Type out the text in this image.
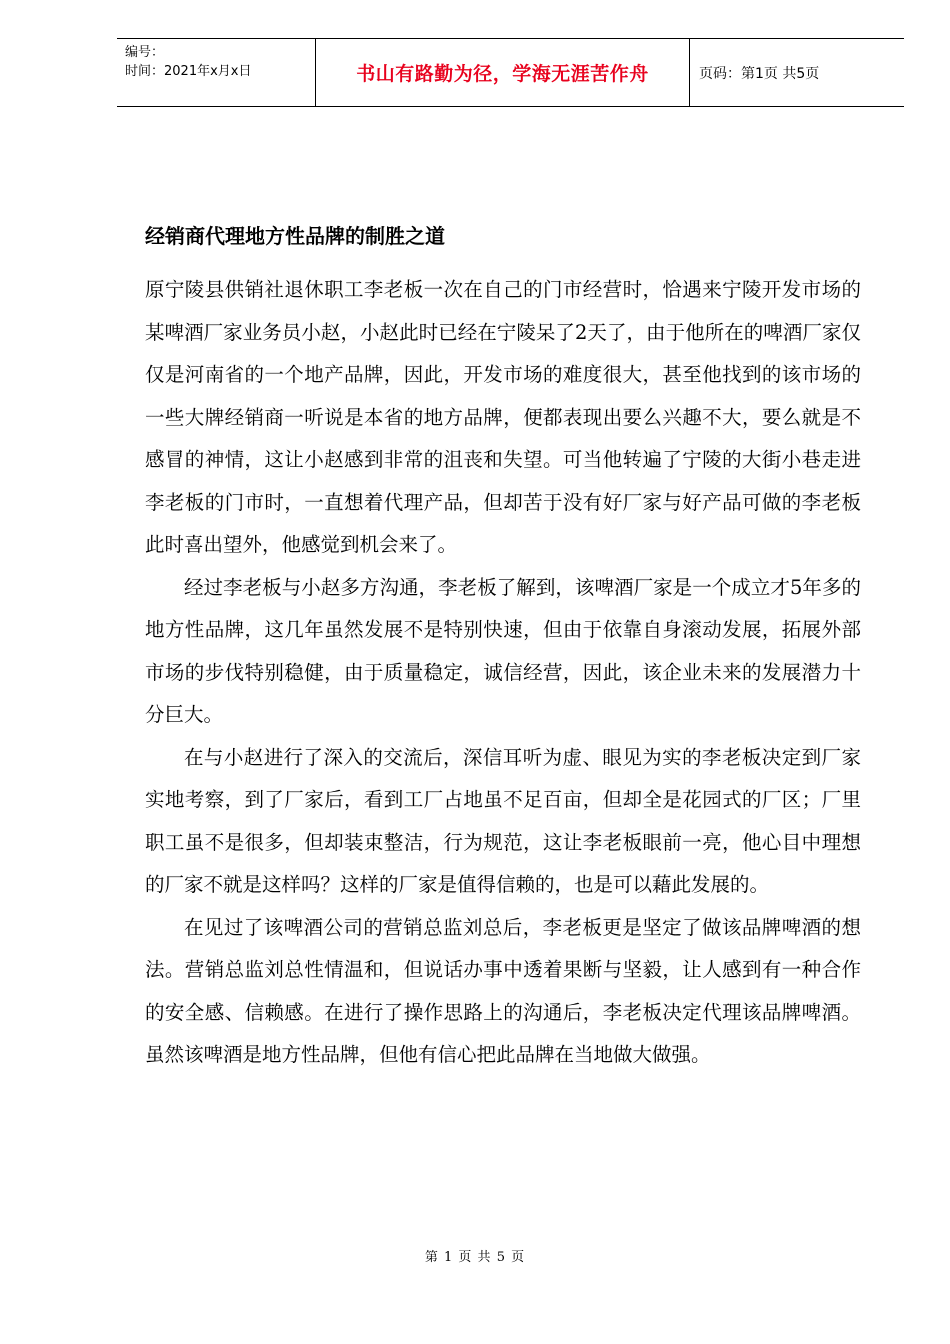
编号：
时间：2021年x月x日	书山有路勤为径，学海无涯苦作舟	页码：第1页 共5页
经销商代理地方性品牌的制胜之道

原宁陵县供销社退休职工李老板一次在自己的门市经营时，恰遇来宁陵开发市场的某啤酒厂家业务员小赵，小赵此时已经在宁陵呆了2天了，由于他所在的啤酒厂家仅仅是河南省的一个地产品牌，因此，开发市场的难度很大，甚至他找到的该市场的一些大牌经销商一听说是本省的地方品牌，便都表现出要么兴趣不大，要么就是不感冒的神情，这让小赵感到非常的沮丧和失望。可当他转遍了宁陵的大街小巷走进李老板的门市时，一直想着代理产品，但却苦于没有好厂家与好产品可做的李老板此时喜出望外，他感觉到机会来了。

经过李老板与小赵多方沟通，李老板了解到，该啤酒厂家是一个成立才5年多的地方性品牌，这几年虽然发展不是特别快速，但由于依靠自身滚动发展，拓展外部市场的步伐特别稳健，由于质量稳定，诚信经营，因此，该企业未来的发展潜力十分巨大。

在与小赵进行了深入的交流后，深信耳听为虚、眼见为实的李老板决定到厂家实地考察，到了厂家后，看到工厂占地虽不足百亩，但却全是花园式的厂区；厂里职工虽不是很多，但却装束整洁，行为规范，这让李老板眼前一亮，他心目中理想的厂家不就是这样吗？这样的厂家是值得信赖的，也是可以藉此发展的。

在见过了该啤酒公司的营销总监刘总后，李老板更是坚定了做该品牌啤酒的想法。营销总监刘总性情温和，但说话办事中透着果断与坚毅，让人感到有一种合作的安全感、信赖感。在进行了操作思路上的沟通后，李老板决定代理该品牌啤酒。虽然该啤酒是地方性品牌，但他有信心把此品牌在当地做大做强。

第 1 页 共 5 页
